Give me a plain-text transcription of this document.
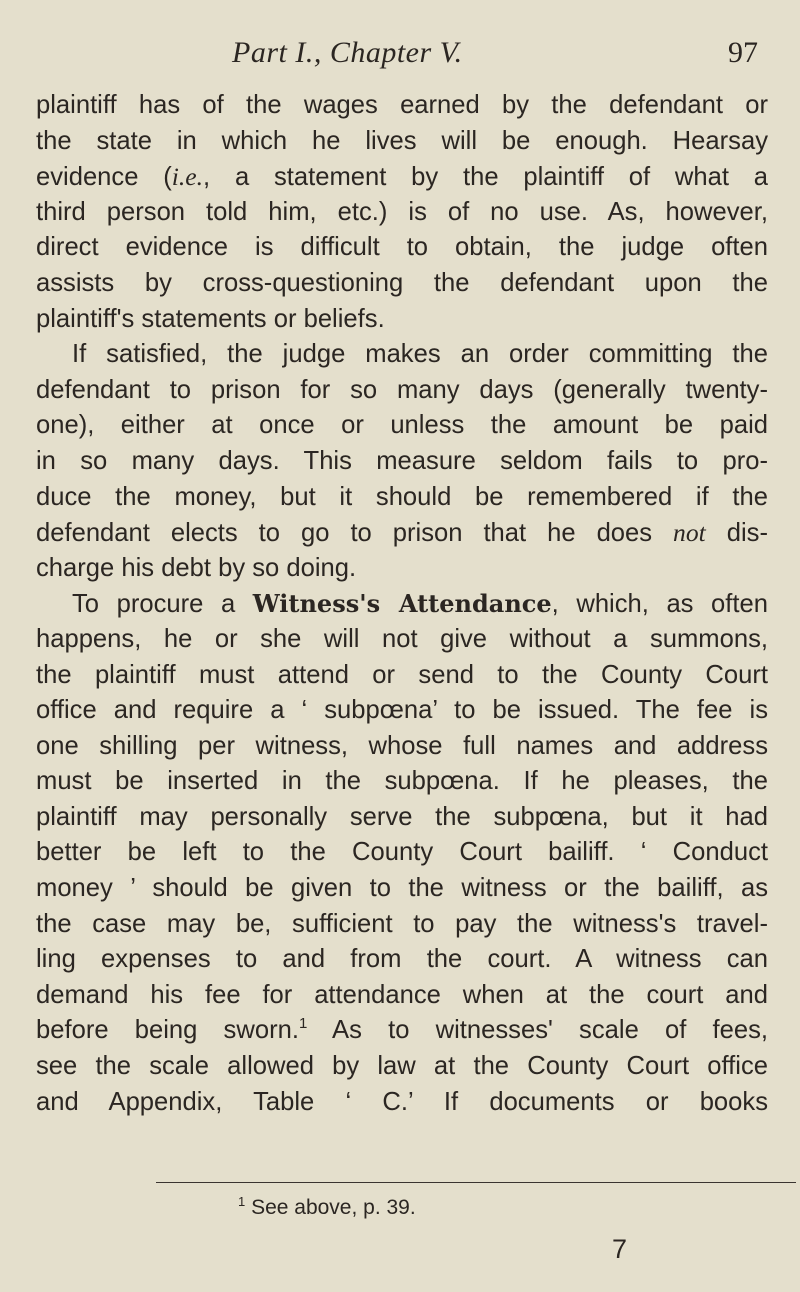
Part I., Chapter V.	97
plaintiff has of the wages earned by the defendant or
the state in which he lives will be enough. Hearsay
evidence (i.e., a statement by the plaintiff of what a
third person told him, etc.) is of no use. As, however,
direct evidence is difficult to obtain, the judge often
assists by cross-questioning the defendant upon the
plaintiff's statements or beliefs.
If satisfied, the judge makes an order committing the
defendant to prison for so many days (generally twenty-
one), either at once or unless the amount be paid
in so many days. This measure seldom fails to pro-
duce the money, but it should be remembered if the
defendant elects to go to prison that he does not dis-
charge his debt by so doing.
To procure a Witness's Attendance, which, as often
happens, he or she will not give without a summons,
the plaintiff must attend or send to the County Court
office and require a ‘ subpœna’ to be issued. The fee is
one shilling per witness, whose full names and address
must be inserted in the subpœna. If he pleases, the
plaintiff may personally serve the subpœna, but it had
better be left to the County Court bailiff. ‘ Conduct
money ’ should be given to the witness or the bailiff, as
the case may be, sufficient to pay the witness's travel-
ling expenses to and from the court. A witness can
demand his fee for attendance when at the court and
before being sworn.$^1$ As to witnesses' scale of fees,
see the scale allowed by law at the County Court office
and Appendix, Table ‘ C.’ If documents or books
$^1$ See above, p. 39.
7
